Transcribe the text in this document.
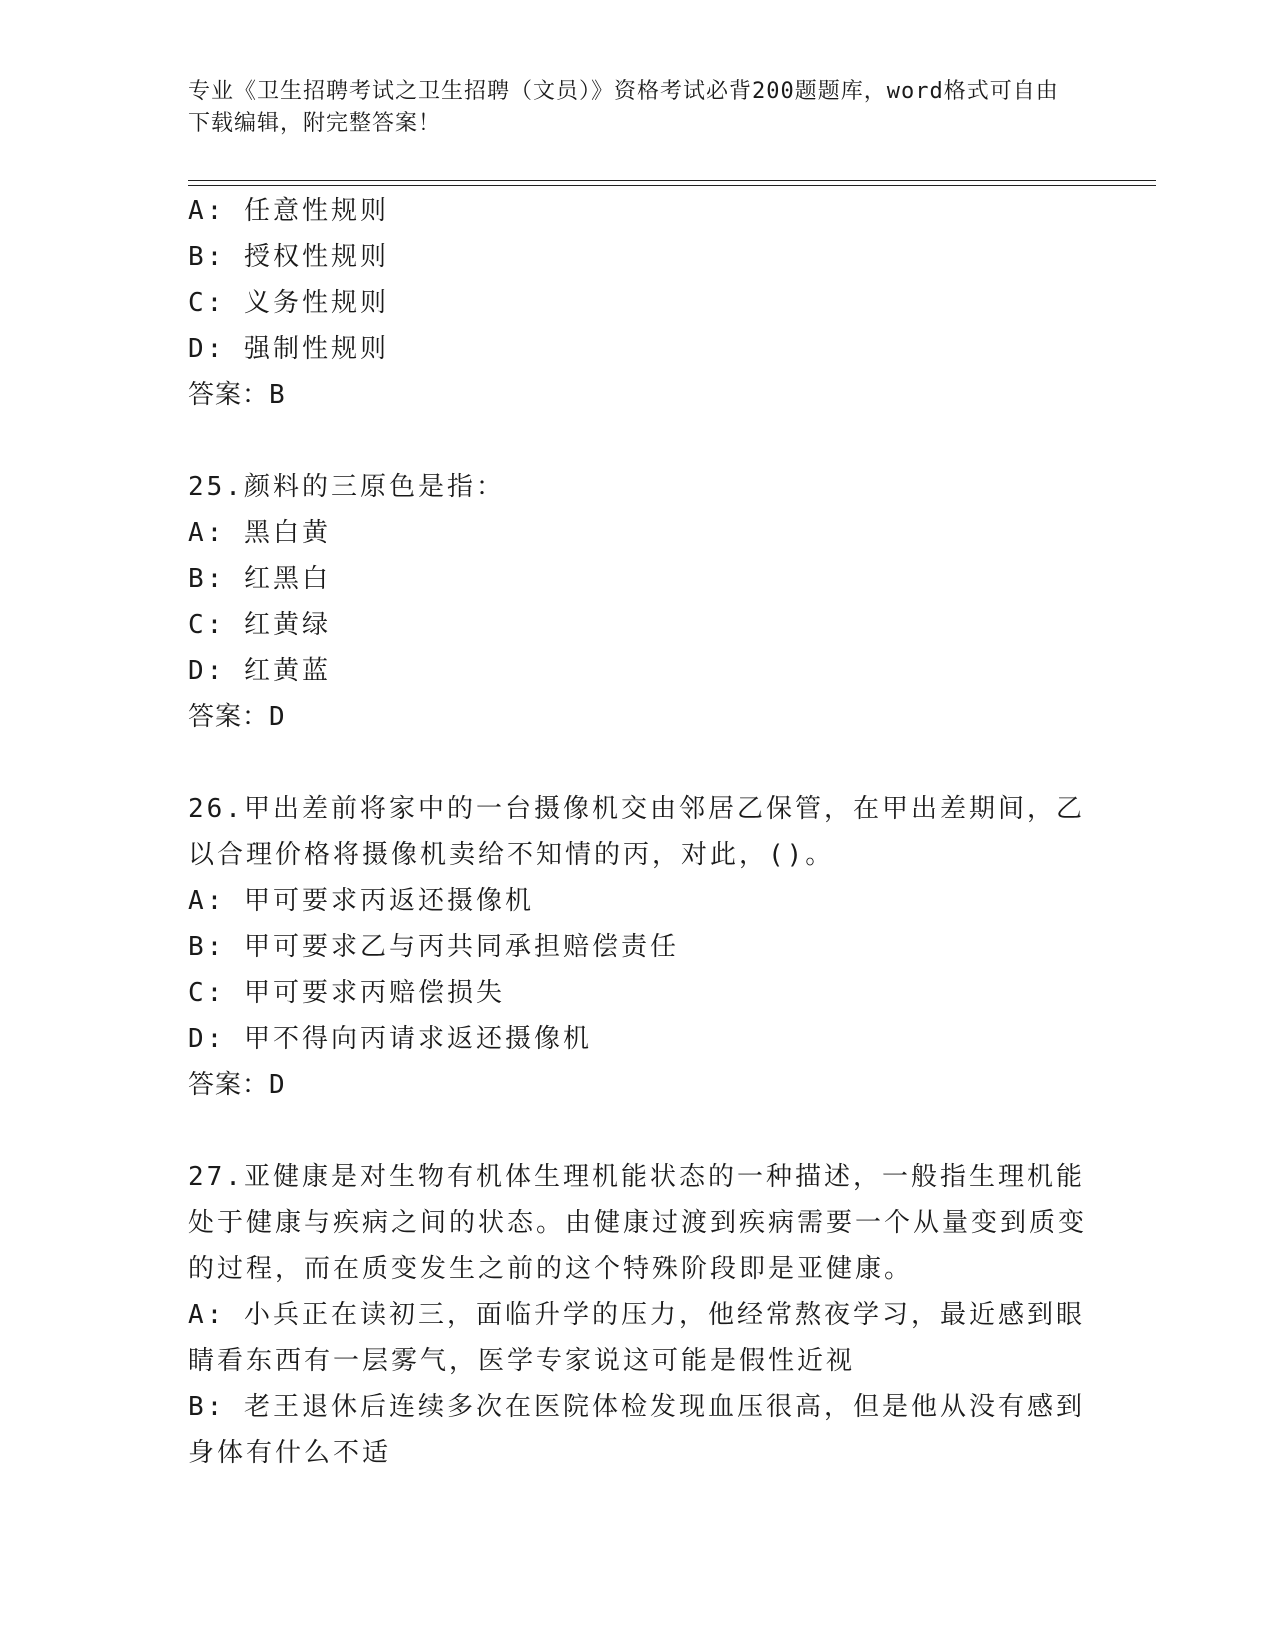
专业《卫生招聘考试之卫生招聘（文员）》资格考试必背200题题库，word格式可自由下载编辑，附完整答案！
A: 任意性规则
B: 授权性规则
C: 义务性规则
D: 强制性规则
答案：B
25.颜料的三原色是指：
A: 黑白黄
B: 红黑白
C: 红黄绿
D: 红黄蓝
答案：D
26.甲出差前将家中的一台摄像机交由邻居乙保管，在甲出差期间，乙以合理价格将摄像机卖给不知情的丙，对此，()。
A: 甲可要求丙返还摄像机
B: 甲可要求乙与丙共同承担赔偿责任
C: 甲可要求丙赔偿损失
D: 甲不得向丙请求返还摄像机
答案：D
27.亚健康是对生物有机体生理机能状态的一种描述，一般指生理机能处于健康与疾病之间的状态。由健康过渡到疾病需要一个从量变到质变的过程，而在质变发生之前的这个特殊阶段即是亚健康。
A: 小兵正在读初三，面临升学的压力，他经常熬夜学习，最近感到眼睛看东西有一层雾气，医学专家说这可能是假性近视
B: 老王退休后连续多次在医院体检发现血压很高，但是他从没有感到身体有什么不适
